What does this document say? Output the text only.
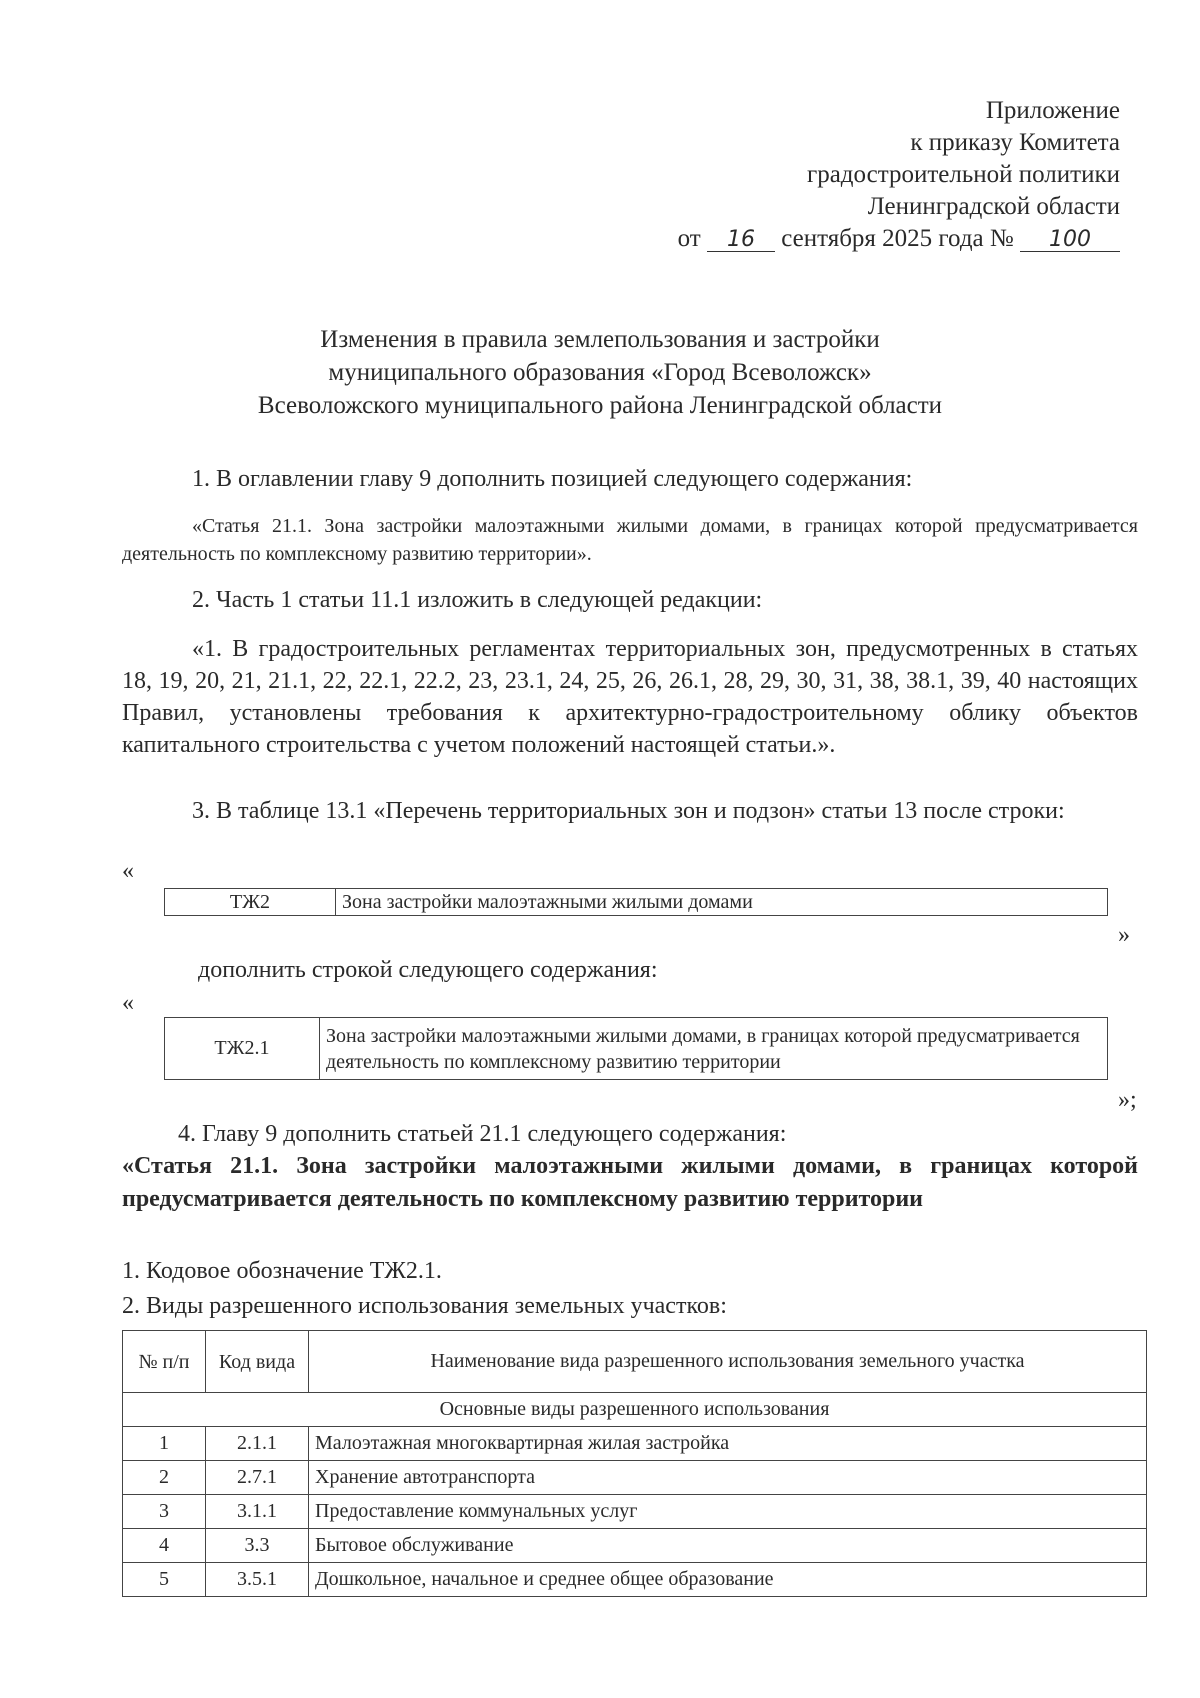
Приложение
к приказу Комитета
градостроительной политики
Ленинградской области
от 16 сентября 2025 года № 100
Изменения в правила землепользования и застройки
муниципального образования «Город Всеволожск»
Всеволожского муниципального района Ленинградской области
1. В оглавлении главу 9 дополнить позицией следующего содержания:
«Статья 21.1. Зона застройки малоэтажными жилыми домами, в границах которой предусматривается деятельность по комплексному развитию территории».
2. Часть 1 статьи 11.1 изложить в следующей редакции:
«1. В градостроительных регламентах территориальных зон, предусмотренных в статьях 18, 19, 20, 21, 21.1, 22, 22.1, 22.2, 23, 23.1, 24, 25, 26, 26.1, 28, 29, 30, 31, 38, 38.1, 39, 40 настоящих Правил, установлены требования к архитектурно-градостроительному облику объектов капитального строительства с учетом положений настоящей статьи.».
3. В таблице 13.1 «Перечень территориальных зон и подзон» статьи 13 после строки:
«
ТЖ2	Зона застройки малоэтажными жилыми домами
»
дополнить строкой следующего содержания:
«
ТЖ2.1	Зона застройки малоэтажными жилыми домами, в границах которой предусматривается деятельность по комплексному развитию территории
»;
4. Главу 9 дополнить статьей 21.1 следующего содержания:
«Статья 21.1. Зона застройки малоэтажными жилыми домами, в границах которой предусматривается деятельность по комплексному развитию территории
1. Кодовое обозначение ТЖ2.1.
2. Виды разрешенного использования земельных участков:
№ п/п	Код вида	Наименование вида разрешенного использования земельного участка
Основные виды разрешенного использования		
1	2.1.1	Малоэтажная многоквартирная жилая застройка
2	2.7.1	Хранение автотранспорта
3	3.1.1	Предоставление коммунальных услуг
4	3.3	Бытовое обслуживание
5	3.5.1	Дошкольное, начальное и среднее общее образование
